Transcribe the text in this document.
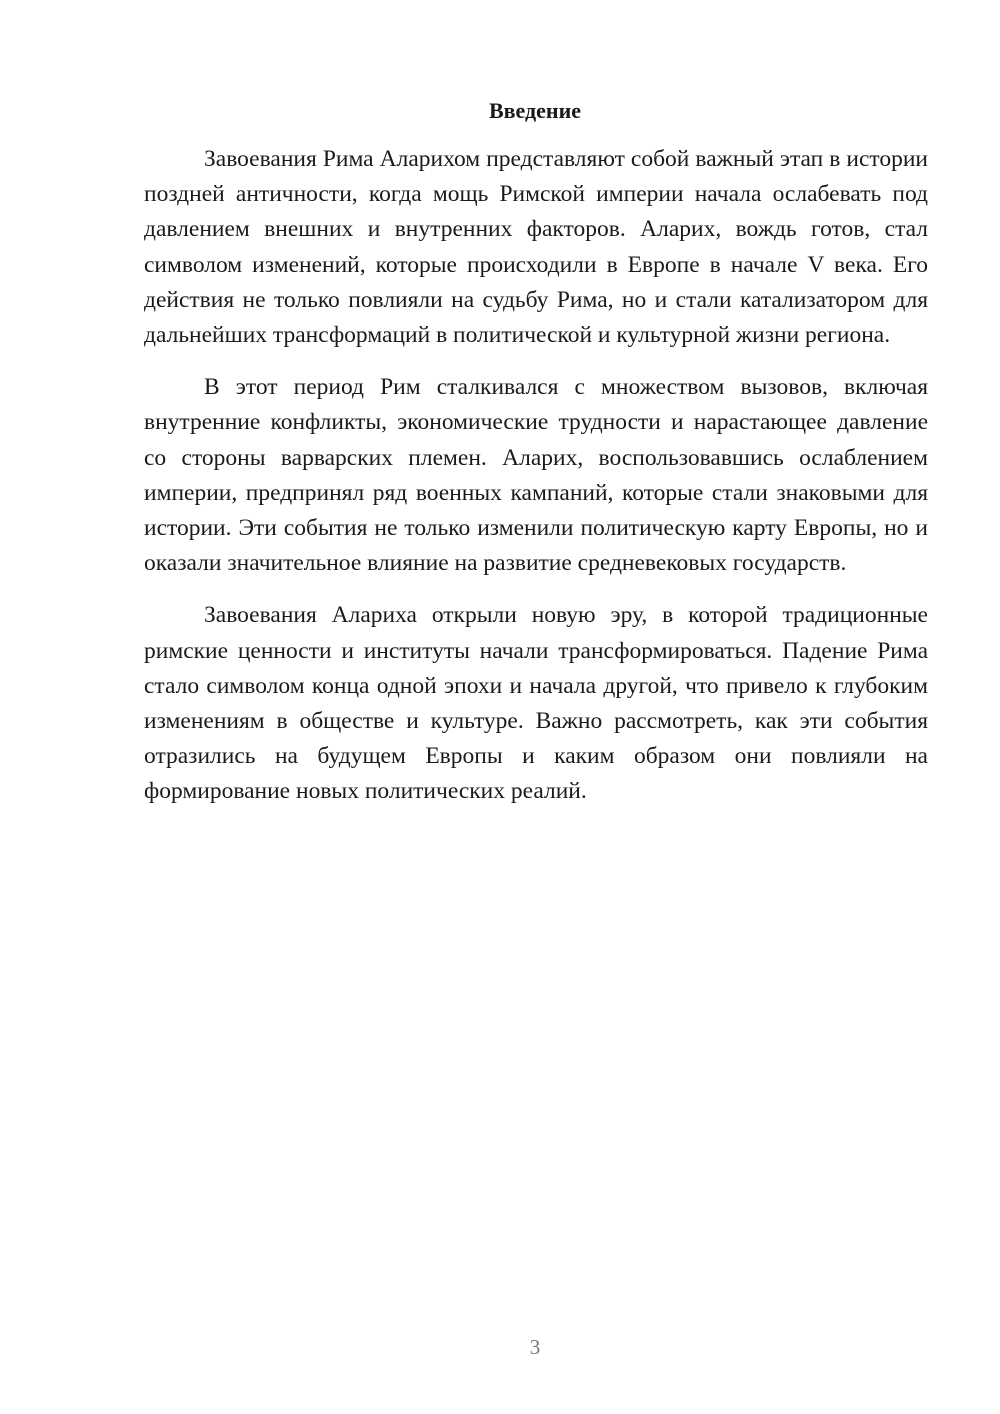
Введение

Завоевания Рима Аларихом представляют собой важный этап в истории поздней античности, когда мощь Римской империи начала ослабевать под давлением внешних и внутренних факторов. Аларих, вождь готов, стал символом изменений, которые происходили в Европе в начале V века. Его действия не только повлияли на судьбу Рима, но и стали катализатором для дальнейших трансформаций в политической и культурной жизни региона.

В этот период Рим сталкивался с множеством вызовов, включая внутренние конфликты, экономические трудности и нарастающее давление со стороны варварских племен. Аларих, воспользовавшись ослаблением империи, предпринял ряд военных кампаний, которые стали знаковыми для истории. Эти события не только изменили политическую карту Европы, но и оказали значительное влияние на развитие средневековых государств.

Завоевания Алариха открыли новую эру, в которой традиционные римские ценности и институты начали трансформироваться. Падение Рима стало символом конца одной эпохи и начала другой, что привело к глубоким изменениям в обществе и культуре. Важно рассмотреть, как эти события отразились на будущем Европы и каким образом они повлияли на формирование новых политических реалий.

3
